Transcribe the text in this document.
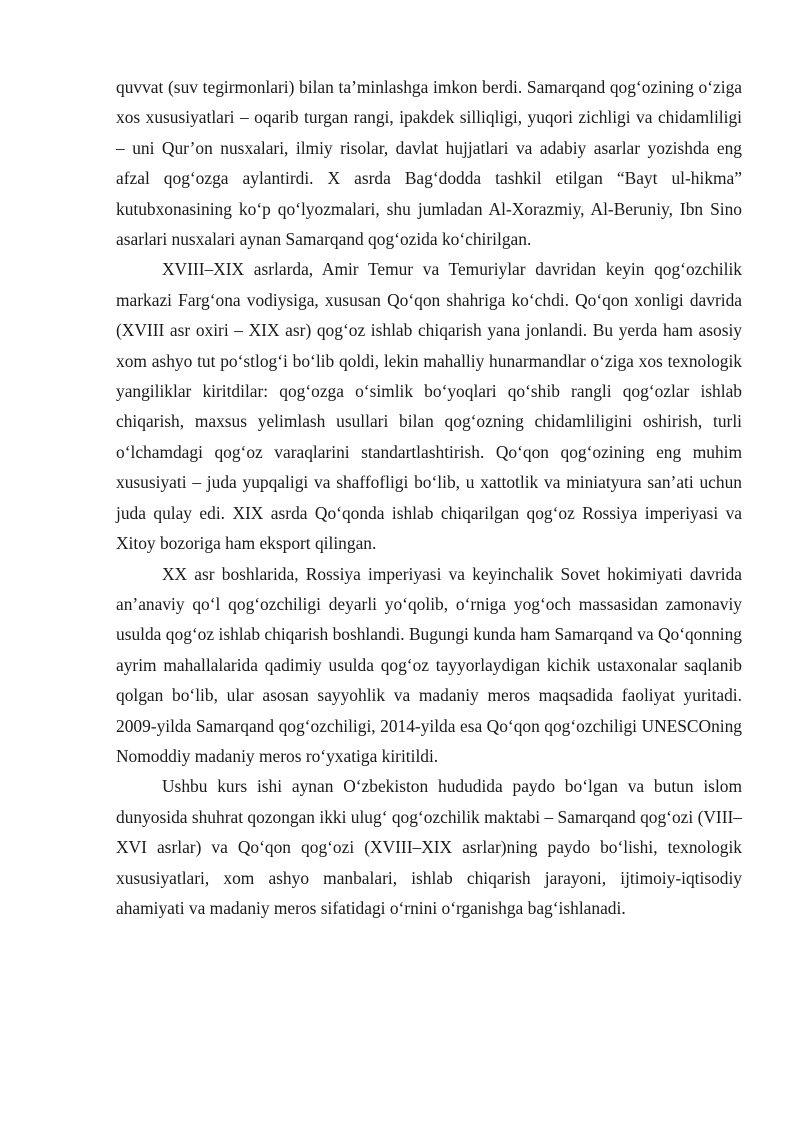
quvvat (suv tegirmonlari) bilan ta’minlashga imkon berdi. Samarqand qog‘ozining o‘ziga xos xususiyatlari – oqarib turgan rangi, ipakdek silliqligi, yuqori zichligi va chidamliligi – uni Qur’on nusxalari, ilmiy risolar, davlat hujjatlari va adabiy asarlar yozishda eng afzal qog‘ozga aylantirdi. X asrda Bag‘dodda tashkil etilgan “Bayt ul-hikma” kutubxonasining ko‘p qo‘lyozmalari, shu jumladan Al-Xorazmiy, Al-Beruniy, Ibn Sino asarlari nusxalari aynan Samarqand qog‘ozida ko‘chirilgan.

XVIII–XIX asrlarda, Amir Temur va Temuriylar davridan keyin qog‘ozchilik markazi Farg‘ona vodiysiga, xususan Qo‘qon shahriga ko‘chdi. Qo‘qon xonligi davrida (XVIII asr oxiri – XIX asr) qog‘oz ishlab chiqarish yana jonlandi. Bu yerda ham asosiy xom ashyo tut po‘stlog‘i bo‘lib qoldi, lekin mahalliy hunarmandlar o‘ziga xos texnologik yangiliklar kiritdilar: qog‘ozga o‘simlik bo‘yoqlari qo‘shib rangli qog‘ozlar ishlab chiqarish, maxsus yelimlash usullari bilan qog‘ozning chidamliligini oshirish, turli o‘lchamdagi qog‘oz varaqlarini standartlashtirish. Qo‘qon qog‘ozining eng muhim xususiyati – juda yupqaligi va shaffofligi bo‘lib, u xattotlik va miniatyura san’ati uchun juda qulay edi. XIX asrda Qo‘qonda ishlab chiqarilgan qog‘oz Rossiya imperiyasi va Xitoy bozoriga ham eksport qilingan.

XX asr boshlarida, Rossiya imperiyasi va keyinchalik Sovet hokimiyati davrida an’anaviy qo‘l qog‘ozchiligi deyarli yo‘qolib, o‘rniga yog‘och massasidan zamonaviy usulda qog‘oz ishlab chiqarish boshlandi. Bugungi kunda ham Samarqand va Qo‘qonning ayrim mahallalarida qadimiy usulda qog‘oz tayyorlaydigan kichik ustaxonalar saqlanib qolgan bo‘lib, ular asosan sayyohlik va madaniy meros maqsadida faoliyat yuritadi. 2009-yilda Samarqand qog‘ozchiligi, 2014-yilda esa Qo‘qon qog‘ozchiligi UNESCOning Nomoddiy madaniy meros ro‘yxatiga kiritildi.

Ushbu kurs ishi aynan O‘zbekiston hududida paydo bo‘lgan va butun islom dunyosida shuhrat qozongan ikki ulug‘ qog‘ozchilik maktabi – Samarqand qog‘ozi (VIII–XVI asrlar) va Qo‘qon qog‘ozi (XVIII–XIX asrlar)ning paydo bo‘lishi, texnologik xususiyatlari, xom ashyo manbalari, ishlab chiqarish jarayoni, ijtimoiy-iqtisodiy ahamiyati va madaniy meros sifatidagi o‘rnini o‘rganishga bag‘ishlanadi.
